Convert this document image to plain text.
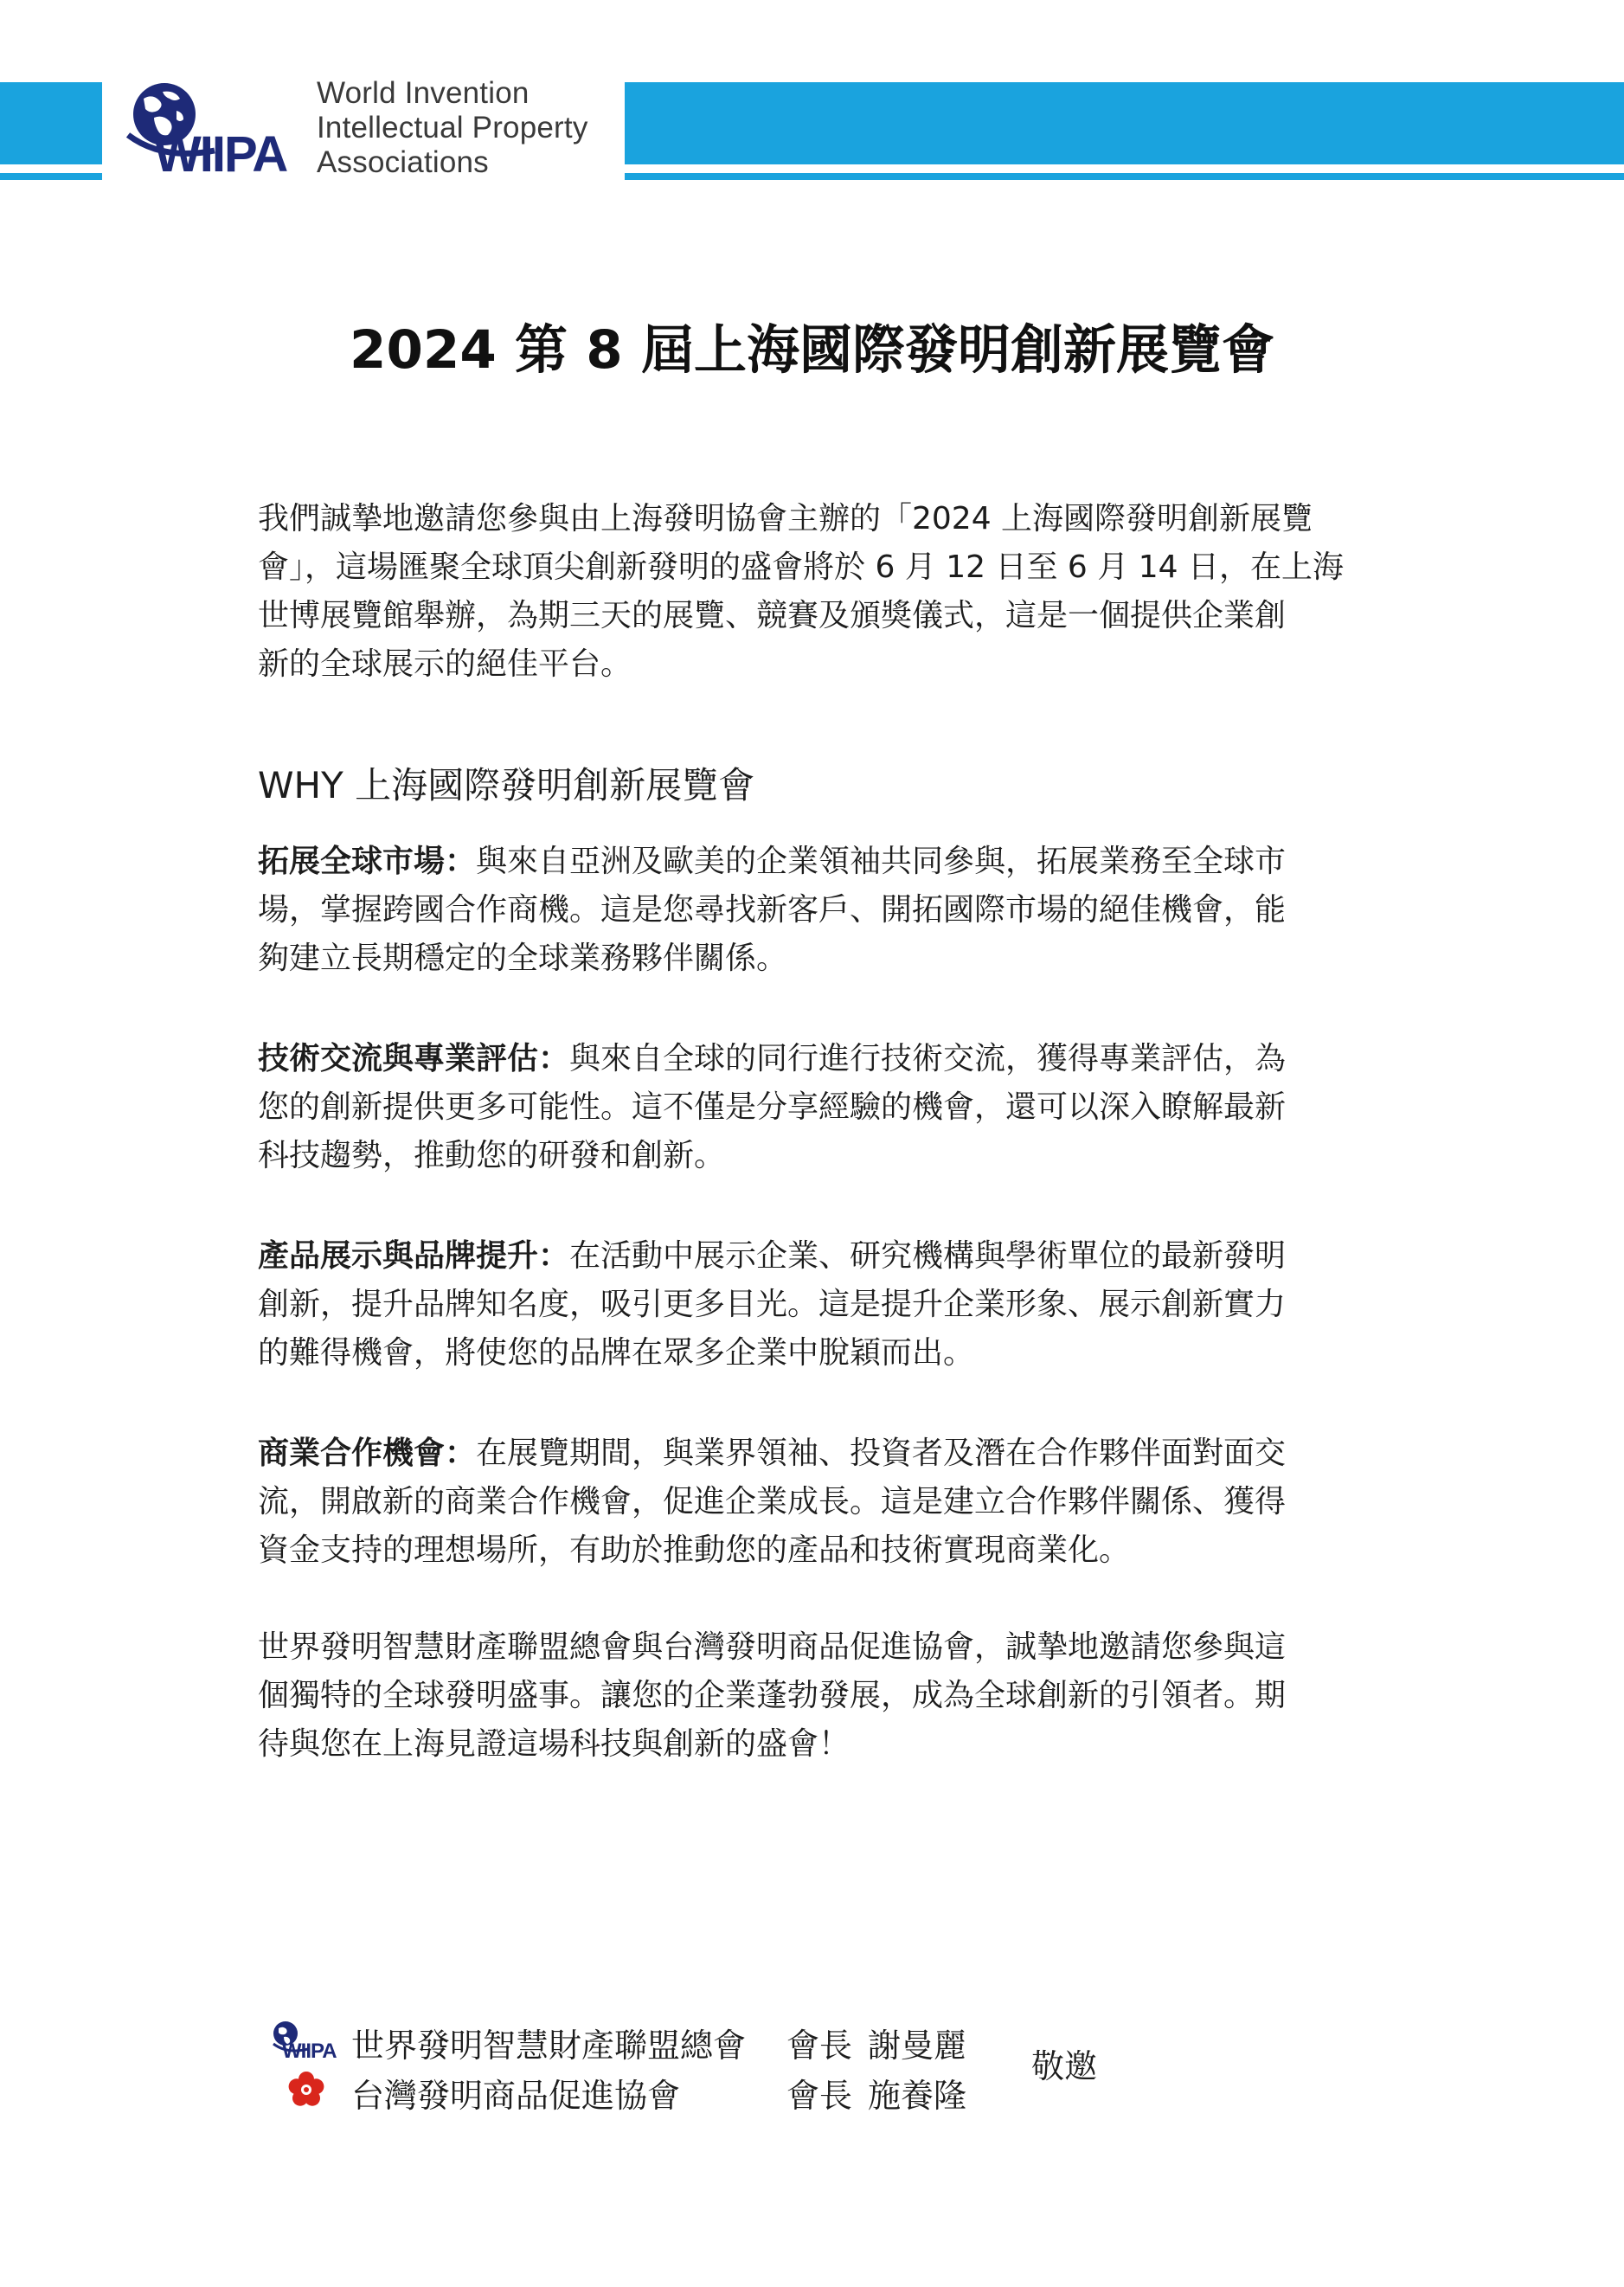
WIIPA
World Invention
Intellectual Property
Associations
2024 第 8 屆上海國際發明創新展覽會
我們誠摯地邀請您參與由上海發明協會主辦的「2024 上海國際發明創新展覽
會」，這場匯聚全球頂尖創新發明的盛會將於 6 月 12 日至 6 月 14 日，在上海
世博展覽館舉辦，為期三天的展覽、競賽及頒獎儀式，這是一個提供企業創
新的全球展示的絕佳平台。
WHY 上海國際發明創新展覽會
拓展全球市場：與來自亞洲及歐美的企業領袖共同參與，拓展業務至全球市
場，掌握跨國合作商機。這是您尋找新客戶、開拓國際市場的絕佳機會，能
夠建立長期穩定的全球業務夥伴關係。
技術交流與專業評估：與來自全球的同行進行技術交流，獲得專業評估，為
您的創新提供更多可能性。這不僅是分享經驗的機會，還可以深入瞭解最新
科技趨勢，推動您的研發和創新。
產品展示與品牌提升：在活動中展示企業、研究機構與學術單位的最新發明
創新，提升品牌知名度，吸引更多目光。這是提升企業形象、展示創新實力
的難得機會，將使您的品牌在眾多企業中脫穎而出。
商業合作機會：在展覽期間，與業界領袖、投資者及潛在合作夥伴面對面交
流，開啟新的商業合作機會，促進企業成長。這是建立合作夥伴關係、獲得
資金支持的理想場所，有助於推動您的產品和技術實現商業化。
世界發明智慧財產聯盟總會與台灣發明商品促進協會，誠摯地邀請您參與這
個獨特的全球發明盛事。讓您的企業蓬勃發展，成為全球創新的引領者。期
待與您在上海見證這場科技與創新的盛會！
WIIPA 世界發明智慧財產聯盟總會 會長 謝曼麗
台灣發明商品促進協會	會長 施養隆
敬邀
